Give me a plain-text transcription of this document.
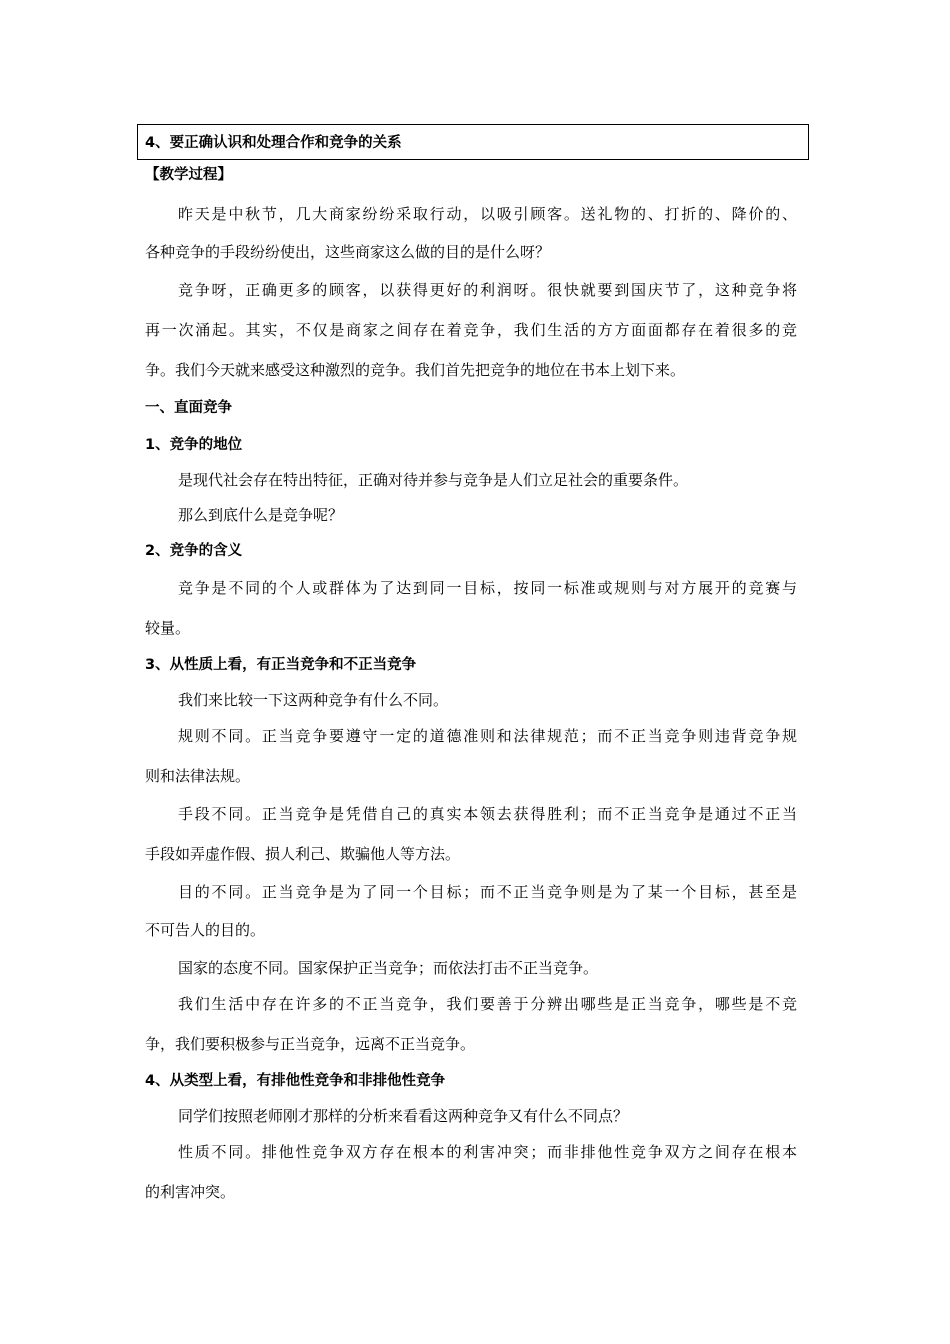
4、要正确认识和处理合作和竞争的关系
【教学过程】
昨天是中秋节，几大商家纷纷采取行动，以吸引顾客。送礼物的、打折的、降价的、
各种竞争的手段纷纷使出，这些商家这么做的目的是什么呀？
竞争呀，正确更多的顾客，以获得更好的利润呀。很快就要到国庆节了，这种竞争将
再一次涌起。其实，不仅是商家之间存在着竞争，我们生活的方方面面都存在着很多的竞
争。我们今天就来感受这种激烈的竞争。我们首先把竞争的地位在书本上划下来。
一、直面竞争
1、竞争的地位
是现代社会存在特出特征，正确对待并参与竞争是人们立足社会的重要条件。
那么到底什么是竞争呢？
2、竞争的含义
竞争是不同的个人或群体为了达到同一目标，按同一标准或规则与对方展开的竞赛与
较量。
3、从性质上看，有正当竞争和不正当竞争
我们来比较一下这两种竞争有什么不同。
规则不同。正当竞争要遵守一定的道德准则和法律规范；而不正当竞争则违背竞争规
则和法律法规。
手段不同。正当竞争是凭借自己的真实本领去获得胜利；而不正当竞争是通过不正当
手段如弄虚作假、损人利己、欺骗他人等方法。
目的不同。正当竞争是为了同一个目标；而不正当竞争则是为了某一个目标，甚至是
不可告人的目的。
国家的态度不同。国家保护正当竞争；而依法打击不正当竞争。
我们生活中存在许多的不正当竞争，我们要善于分辨出哪些是正当竞争，哪些是不竞
争，我们要积极参与正当竞争，远离不正当竞争。
4、从类型上看，有排他性竞争和非排他性竞争
同学们按照老师刚才那样的分析来看看这两种竞争又有什么不同点？
性质不同。排他性竞争双方存在根本的利害冲突；而非排他性竞争双方之间存在根本
的利害冲突。
